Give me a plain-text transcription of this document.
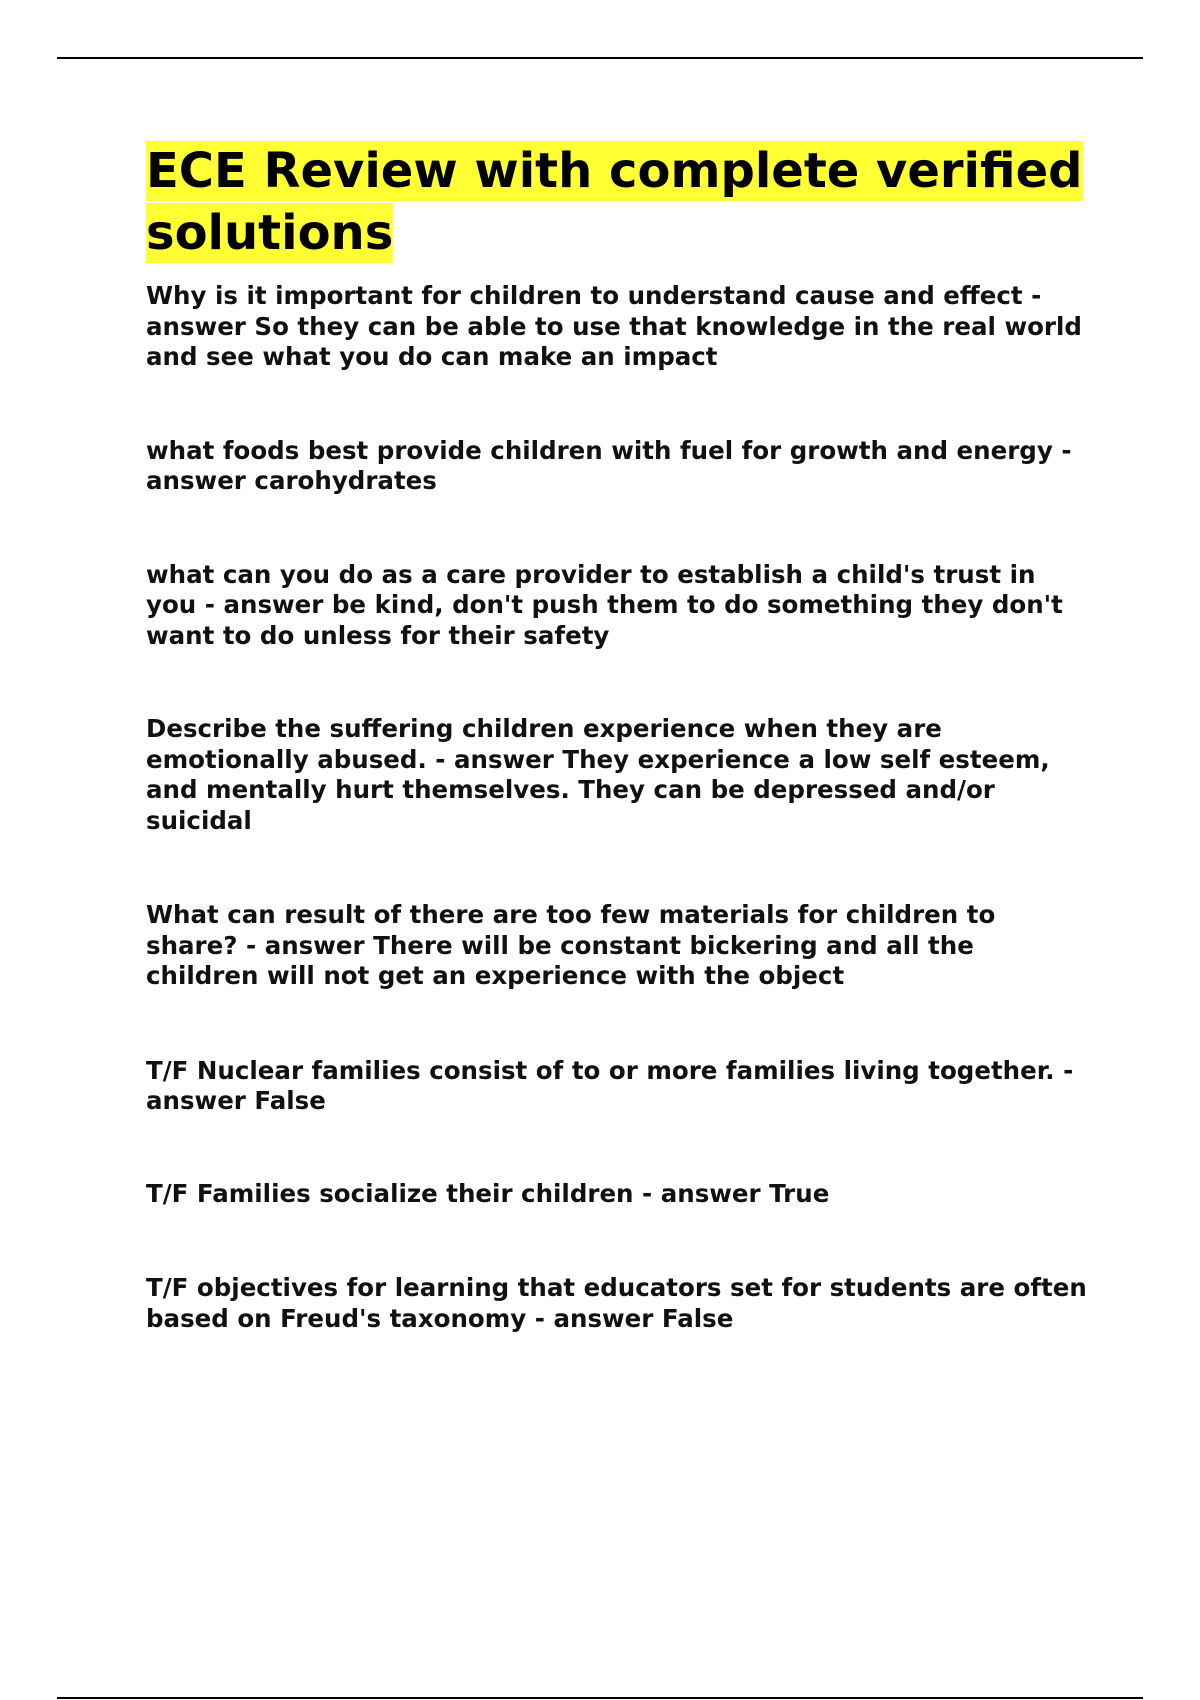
ECE Review with complete verified solutions

Why is it important for children to understand cause and effect - answer So they can be able to use that knowledge in the real world and see what you do can make an impact

what foods best provide children with fuel for growth and energy - answer carohydrates

what can you do as a care provider to establish a child's trust in you - answer be kind, don't push them to do something they don't want to do unless for their safety

Describe the suffering children experience when they are emotionally abused. - answer They experience a low self esteem, and mentally hurt themselves. They can be depressed and/or suicidal

What can result of there are too few materials for children to share? - answer There will be constant bickering and all the children will not get an experience with the object

T/F Nuclear families consist of to or more families living together. - answer False

T/F Families socialize their children - answer True

T/F objectives for learning that educators set for students are often based on Freud's taxonomy - answer False
